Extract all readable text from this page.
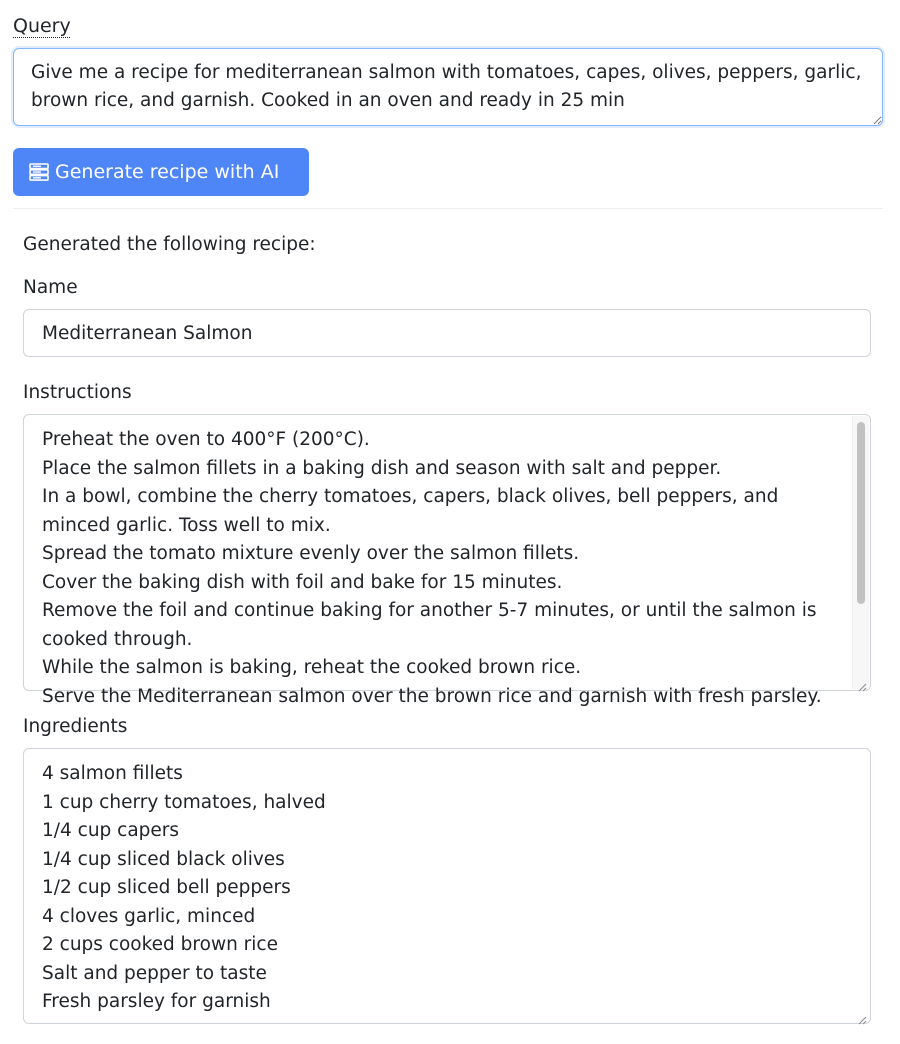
Query
Give me a recipe for mediterranean salmon with tomatoes, capes, olives, peppers, garlic, brown rice, and garnish. Cooked in an oven and ready in 25 min
Generate recipe with AI
Generated the following recipe:
Name
Mediterranean Salmon
Instructions
Preheat the oven to 400°F (200°C).
Place the salmon fillets in a baking dish and season with salt and pepper.
In a bowl, combine the cherry tomatoes, capers, black olives, bell peppers, and minced garlic. Toss well to mix.
Spread the tomato mixture evenly over the salmon fillets.
Cover the baking dish with foil and bake for 15 minutes.
Remove the foil and continue baking for another 5-7 minutes, or until the salmon is cooked through.
While the salmon is baking, reheat the cooked brown rice.
Serve the Mediterranean salmon over the brown rice and garnish with fresh parsley.
Ingredients
4 salmon fillets
1 cup cherry tomatoes, halved
1/4 cup capers
1/4 cup sliced black olives
1/2 cup sliced bell peppers
4 cloves garlic, minced
2 cups cooked brown rice
Salt and pepper to taste
Fresh parsley for garnish
